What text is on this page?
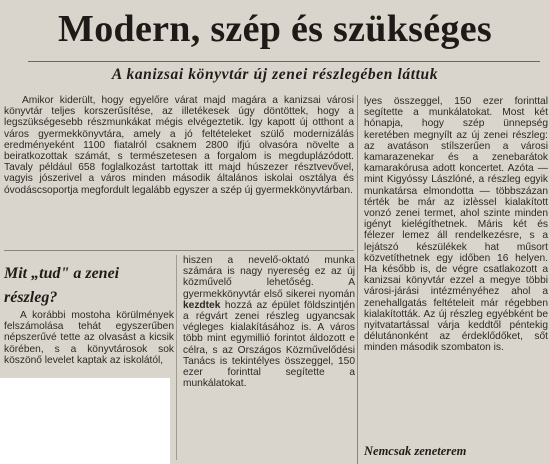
Modern, szép és szükséges
A kanizsai könyvtár új zenei részlegében láttuk

Amikor kiderült, hogy egyelőre várat majd magára a kanizsai városi könyvtár teljes korszerűsítése, az illetékesek úgy döntöttek, hogy a legszükségesebb részmunkákat mégis elvégeztetik. Így kapott új otthont a város gyermekkönyvtára, amely a jó feltételeket szülő modernizálás eredményeként 1100 fiatalról csaknem 2800 ifjú olvasóra növelte a beiratkozottak számát, s természetesen a forgalom is megduplázódott. Tavaly például 658 foglalkozást tartottak itt majd húszezer résztvevővel, vagyis jószerivel a város minden második általános iskolai osztálya és óvodáscsoportja megfordult legalább egyszer a szép új gyermekkönyvtárban.

Mit „tud" a zenei részleg?

A korábbi mostoha körülmények felszámolása tehát egyszerűben népszerűvé tette az olvasást a kicsik körében, s a könyvtárosok sok köszönő levelet kaptak az iskolától,

hiszen a nevelő-oktató munka számára is nagy nyereség ez az új közművelő lehetőség. A gyermekkönyvtár első sikerei nyomán kezdtek hozzá az épület földszintjén a régvárt zenei részleg ugyancsak végleges kialakításához is. A város több mint egymillió forintot áldozott e célra, s az Országos Közművelődési Tanács is tekintélyes összeggel, 150 ezer forinttal segítette a munkálatokat.

lyes összeggel, 150 ezer forinttal segítette a munkálatokat. Most két hónapja, hogy szép ünnepség keretében megnyílt az új zenei részleg: az avatáson stílszerűen a városi kamarazenekar és a zenebarátok kamarakórusa adott koncertet. Azóta — mint Kigyóssy Lászlóné, a részleg egyik munkatársa elmondotta — többszázan térték be már az izlèssel kialakított vonzó zenei termet, ahol szinte minden igényt kielégíthetnek. Máris két és félezer lemez áll rendelkezésre, s a lejátszó készülékek hat műsort közvetíthetnek egy időben 16 helyen. Ha később is, de végre csatlakozott a kanizsai könyvtár ezzel a megye többi városi-járási intézményéhez ahol a zenehallgatás feltételeit már régebben kialakították. Az új részleg egyébként be nyitvatartással várja keddtől péntekig délutánonként az érdeklődőket, sőt minden második szombaton is.

Nemcsak zeneterem
